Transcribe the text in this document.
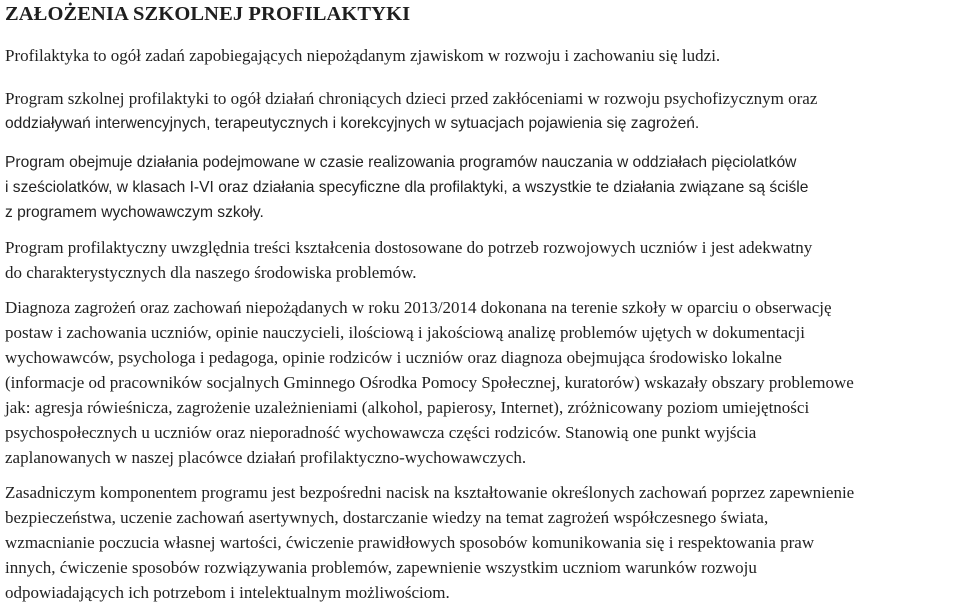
ZAŁOŻENIA SZKOLNEJ PROFILAKTYKI

Profilaktyka to ogół zadań zapobiegających niepożądanym zjawiskom w rozwoju i zachowaniu się ludzi.

Program szkolnej profilaktyki to ogół działań chroniących dzieci przed zakłóceniami w rozwoju psychofizycznym oraz
oddziaływań interwencyjnych, terapeutycznych i korekcyjnych w sytuacjach pojawienia się zagrożeń.

Program obejmuje działania podejmowane w czasie realizowania programów nauczania w oddziałach pięciolatków
i sześciolatków, w klasach I-VI oraz działania specyficzne dla profilaktyki, a wszystkie te działania związane są ściśle
z programem wychowawczym szkoły.

Program profilaktyczny uwzględnia treści kształcenia dostosowane do potrzeb rozwojowych uczniów i jest adekwatny
do charakterystycznych dla naszego środowiska problemów.

Diagnoza zagrożeń oraz zachowań niepożądanych w roku 2013/2014 dokonana na terenie szkoły w oparciu o obserwację
postaw i zachowania uczniów, opinie nauczycieli, ilościową i jakościową analizę problemów ujętych w dokumentacji
wychowawców, psychologa i pedagoga, opinie rodziców i uczniów oraz diagnoza obejmująca środowisko lokalne
(informacje od pracowników socjalnych Gminnego Ośrodka Pomocy Społecznej, kuratorów) wskazały obszary problemowe
jak: agresja rówieśnicza, zagrożenie uzależnieniami (alkohol, papierosy, Internet), zróżnicowany poziom umiejętności
psychospołecznych u uczniów oraz nieporadność wychowawcza części rodziców. Stanowią one punkt wyjścia
zaplanowanych w naszej placówce działań profilaktyczno-wychowawczych.

Zasadniczym komponentem programu jest bezpośredni nacisk na kształtowanie określonych zachowań poprzez zapewnienie
bezpieczeństwa, uczenie zachowań asertywnych, dostarczanie wiedzy na temat zagrożeń współczesnego świata,
wzmacnianie poczucia własnej wartości, ćwiczenie prawidłowych sposobów komunikowania się i respektowania praw
innych, ćwiczenie sposobów rozwiązywania problemów, zapewnienie wszystkim uczniom warunków rozwoju
odpowiadających ich potrzebom i intelektualnym możliwościom.
